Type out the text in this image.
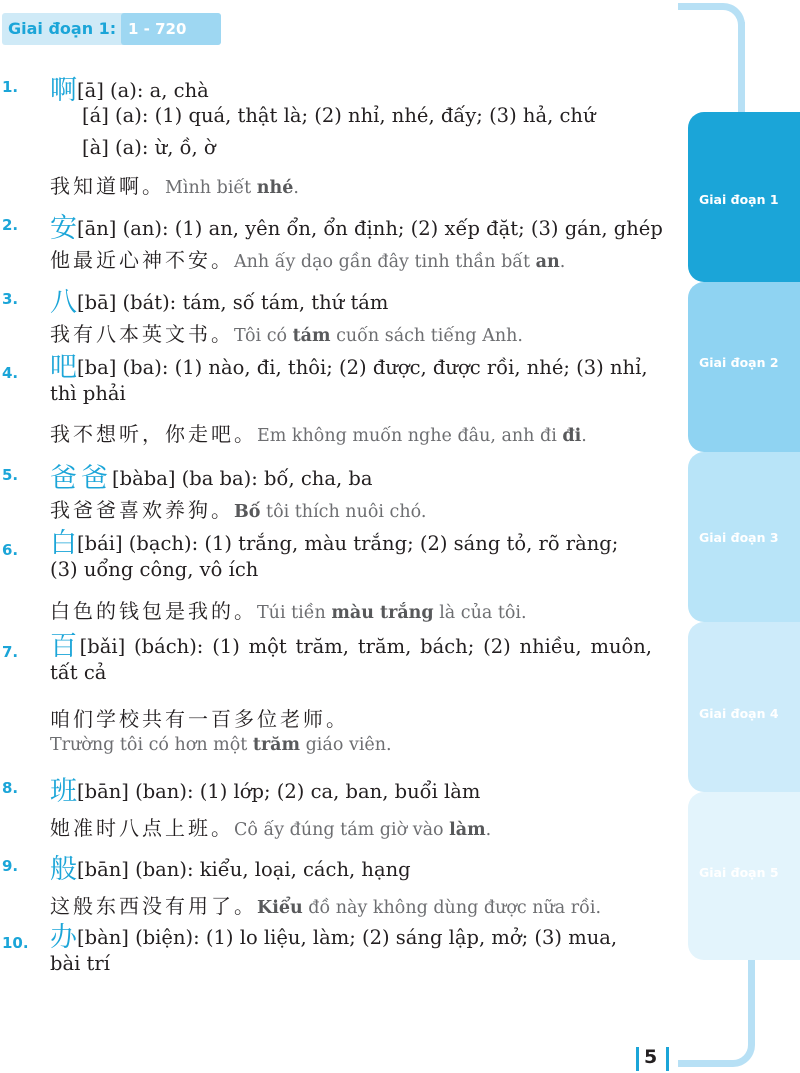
Giai đoạn 1: 1 - 720
Giai đoạn 1
Giai đoạn 2
Giai đoạn 3
Giai đoạn 4
Giai đoạn 5
1. 啊[ā] (a): a, chà
[á] (a): (1) quá, thật là; (2) nhỉ, nhé, đấy; (3) hả, chứ
[à] (a): ừ, ồ, ờ
我知道啊。Mình biết nhé.
2. 安[ān] (an): (1) an, yên ổn, ổn định; (2) xếp đặt; (3) gán, ghép
他最近心神不安。Anh ấy dạo gần đây tinh thần bất an.
3. 八[bā] (bát): tám, số tám, thứ tám
我有八本英文书。Tôi có tám cuốn sách tiếng Anh.
4. 吧[ba] (ba): (1) nào, đi, thôi; (2) được, được rồi, nhé; (3) nhỉ, thì phải
我不想听，你走吧。Em không muốn nghe đâu, anh đi đi.
5. 爸爸[bàba] (ba ba): bố, cha, ba
我爸爸喜欢养狗。Bố tôi thích nuôi chó.
6. 白[bái] (bạch): (1) trắng, màu trắng; (2) sáng tỏ, rõ ràng; (3) uổng công, vô ích
白色的钱包是我的。Túi tiền màu trắng là của tôi.
7. 百[bǎi] (bách): (1) một trăm, trăm, bách; (2) nhiều, muôn, tất cả
咱们学校共有一百多位老师。
Trường tôi có hơn một trăm giáo viên.
8. 班[bān] (ban): (1) lớp; (2) ca, ban, buổi làm
她准时八点上班。Cô ấy đúng tám giờ vào làm.
9. 般[bān] (ban): kiểu, loại, cách, hạng
这般东西没有用了。Kiểu đồ này không dùng được nữa rồi.
10. 办[bàn] (biện): (1) lo liệu, làm; (2) sáng lập, mở; (3) mua, bài trí
5
